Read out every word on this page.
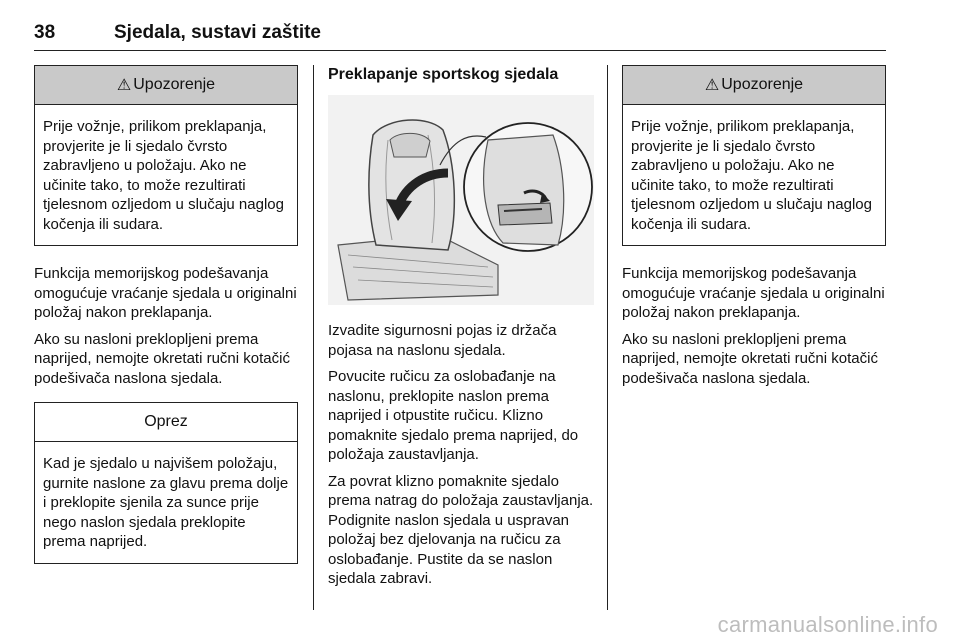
38	Sjedala, sustavi zaštite
⚠ Upozorenje
Prije vožnje, prilikom preklapanja, provjerite je li sjedalo čvrsto zabravljeno u položaju. Ako ne učinite tako, to može rezultirati tjelesnom ozljedom u slučaju naglog kočenja ili sudara.

Funkcija memorijskog podešavanja omogućuje vraćanje sjedala u originalni položaj nakon preklapanja.

Ako su nasloni preklopljeni prema naprijed, nemojte okretati ručni kotačić podešivača naslona sjedala.

Oprez
Kad je sjedalo u najvišem položaju, gurnite naslone za glavu prema dolje i preklopite sjenila za sunce prije nego naslon sjedala preklopite prema naprijed.
Preklapanje sportskog sjedala

Izvadite sigurnosni pojas iz držača pojasa na naslonu sjedala.

Povucite ručicu za oslobađanje na naslonu, preklopite naslon prema naprijed i otpustite ručicu. Klizno pomaknite sjedalo prema naprijed, do položaja zaustavljanja.

Za povrat klizno pomaknite sjedalo prema natrag do položaja zaustavljanja. Podignite naslon sjedala u uspravan položaj bez djelovanja na ručicu za oslobađanje. Pustite da se naslon sjedala zabravi.

⚠ Upozorenje
Prije vožnje, prilikom preklapanja, provjerite je li sjedalo čvrsto zabravljeno u položaju. Ako ne učinite tako, to može rezultirati tjelesnom ozljedom u slučaju naglog kočenja ili sudara.

Funkcija memorijskog podešavanja omogućuje vraćanje sjedala u originalni položaj nakon preklapanja.

Ako su nasloni preklopljeni prema naprijed, nemojte okretati ručni kotačić podešivača naslona sjedala.

carmanualsonline.info
